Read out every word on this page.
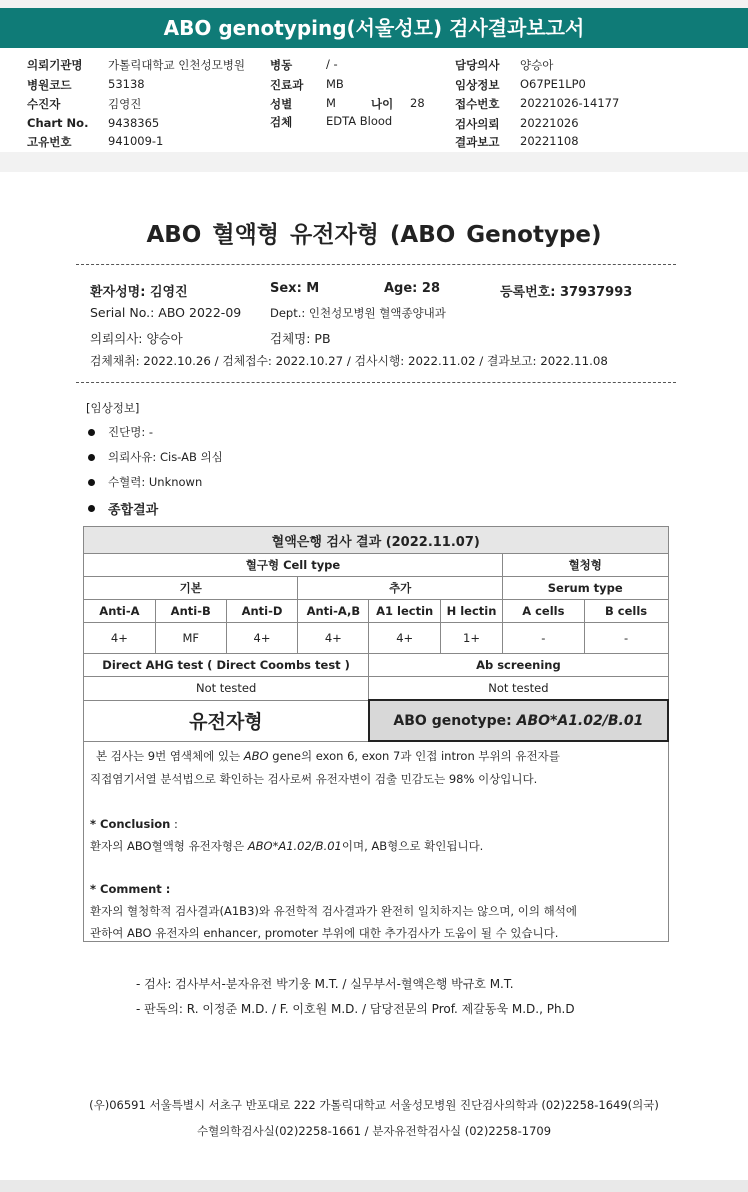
ABO genotyping(서울성모) 검사결과보고서
의뢰기관명 가톨릭대학교 인천성모병원
병원코드	53138
수진자	김영진
Chart No. 9438365
고유번호	941009-1
병동	/ -
진료과 MB
성별	M	나이 28
검체	EDTA Blood
담당의사 양승아
임상정보 O67PE1LP0
접수번호 20221026-14177
검사의뢰 20221026
결과보고 20221108
ABO 혈액형 유전자형 (ABO Genotype)
환자성명: 김영진	Sex: M	Age: 28	등록번호: 37937993
Serial No.: ABO 2022-09	Dept.: 인천성모병원 혈액종양내과
의뢰의사: 양승아	검체명: PB
검체채취: 2022.10.26 / 검체접수: 2022.10.27 / 검사시행: 2022.11.02 / 결과보고: 2022.11.08
[임상정보]
진단명: -
의뢰사유: Cis-AB 의심
수혈력: Unknown
종합결과
혈액은행 검사 결과 (2022.11.07)							
혈구형 Cell type						혈청형	
기본			추가			Serum type	
Anti-A	Anti-B	Anti-D	Anti-A,B	A1 lectin	H lectin	A cells	B cells
4+	MF	4+	4+	4+	1+	-	-
Direct AHG test ( Direct Coombs test )				Ab screening			
Not tested				Not tested			
유전자형				ABO genotype: ABO*A1.02/B.01			
본 검사는 9번 염색체에 있는 ABO gene의 exon 6, exon 7과 인접 intron 부위의 유전자를
직접염기서열 분석법으로 확인하는 검사로써 유전자변이 검출 민감도는 98% 이상입니다.
* Conclusion :
환자의 ABO혈액형 유전자형은 ABO*A1.02/B.01이며, AB형으로 확인됩니다.
* Comment :
환자의 혈청학적 검사결과(A1B3)와 유전학적 검사결과가 완전히 일치하지는 않으며, 이의 해석에
관하여 ABO 유전자의 enhancer, promoter 부위에 대한 추가검사가 도움이 될 수 있습니다.
- 검사: 검사부서-분자유전 박기웅 M.T. / 실무부서-혈액은행 박규호 M.T.
- 판독의: R. 이정준 M.D. / F. 이호원 M.D. / 담당전문의 Prof. 제갈동욱 M.D., Ph.D
(우)06591 서울특별시 서초구 반포대로 222 가톨릭대학교 서울성모병원 진단검사의학과 (02)2258-1649(의국)
수혈의학검사실(02)2258-1661 / 분자유전학검사실 (02)2258-1709
